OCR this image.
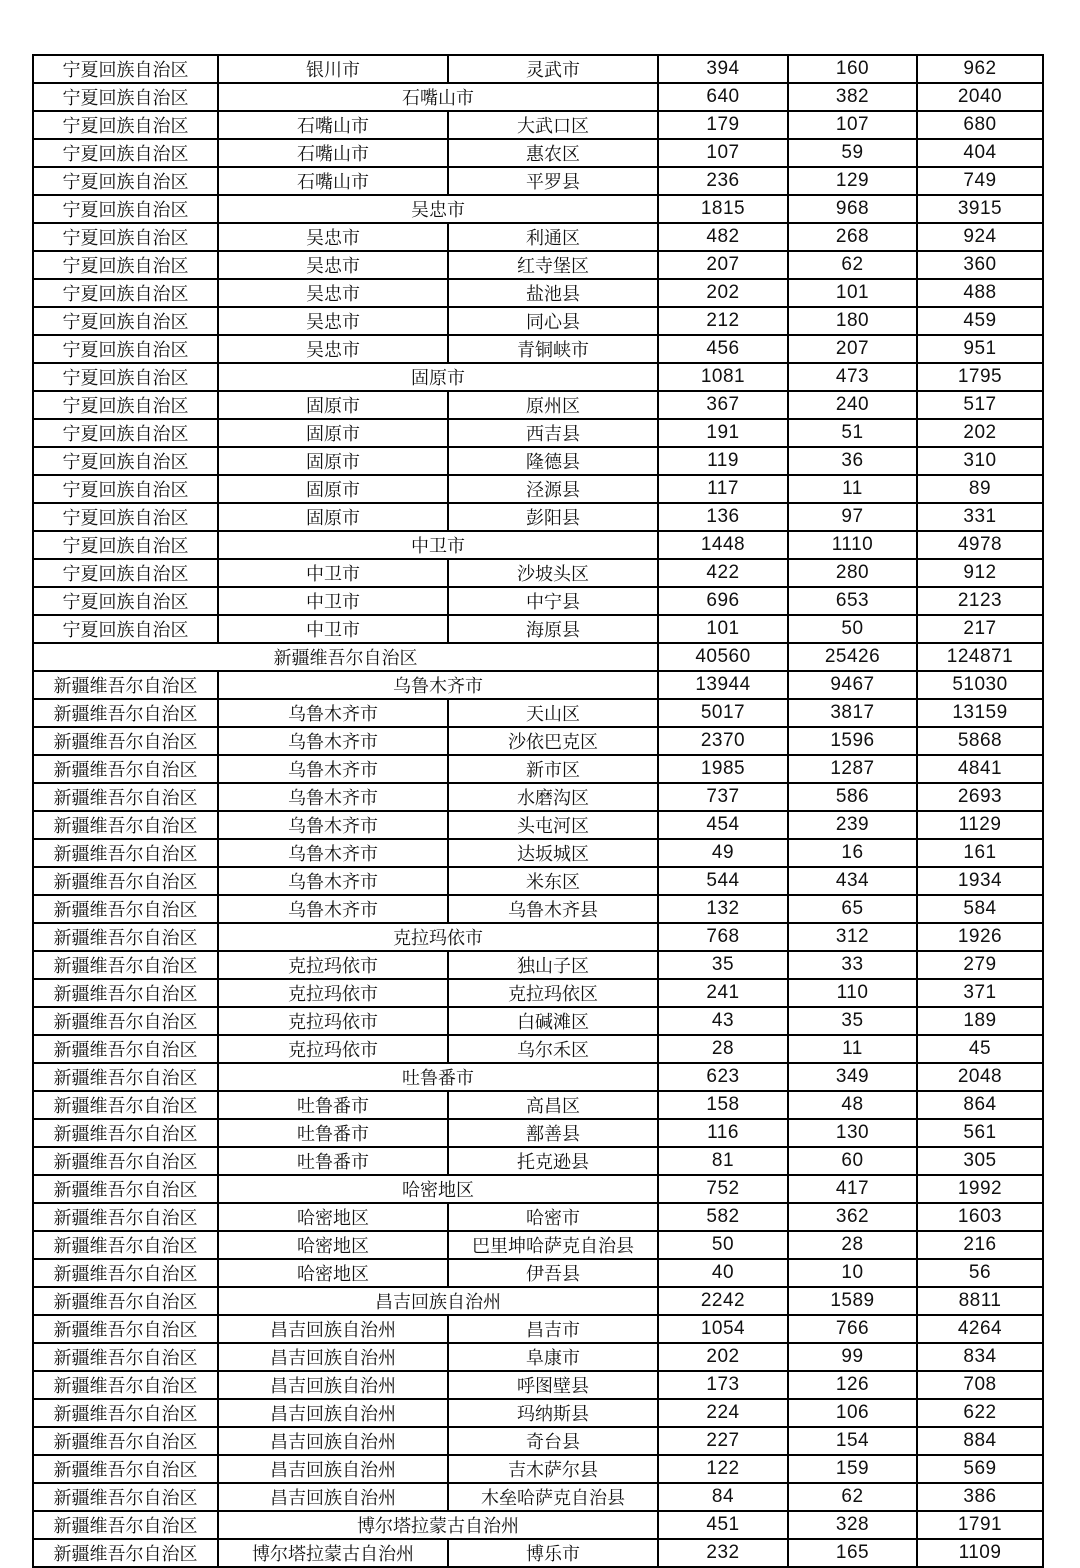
宁夏回族自治区	银川市	灵武市	394	160	962
宁夏回族自治区	石嘴山市		640	382	2040
宁夏回族自治区	石嘴山市	大武口区	179	107	680
宁夏回族自治区	石嘴山市	惠农区	107	59	404
宁夏回族自治区	石嘴山市	平罗县	236	129	749
宁夏回族自治区	吴忠市		1815	968	3915
宁夏回族自治区	吴忠市	利通区	482	268	924
宁夏回族自治区	吴忠市	红寺堡区	207	62	360
宁夏回族自治区	吴忠市	盐池县	202	101	488
宁夏回族自治区	吴忠市	同心县	212	180	459
宁夏回族自治区	吴忠市	青铜峡市	456	207	951
宁夏回族自治区	固原市		1081	473	1795
宁夏回族自治区	固原市	原州区	367	240	517
宁夏回族自治区	固原市	西吉县	191	51	202
宁夏回族自治区	固原市	隆德县	119	36	310
宁夏回族自治区	固原市	泾源县	117	11	89
宁夏回族自治区	固原市	彭阳县	136	97	331
宁夏回族自治区	中卫市		1448	1110	4978
宁夏回族自治区	中卫市	沙坡头区	422	280	912
宁夏回族自治区	中卫市	中宁县	696	653	2123
宁夏回族自治区	中卫市	海原县	101	50	217
新疆维吾尔自治区			40560	25426	124871
新疆维吾尔自治区	乌鲁木齐市		13944	9467	51030
新疆维吾尔自治区	乌鲁木齐市	天山区	5017	3817	13159
新疆维吾尔自治区	乌鲁木齐市	沙依巴克区	2370	1596	5868
新疆维吾尔自治区	乌鲁木齐市	新市区	1985	1287	4841
新疆维吾尔自治区	乌鲁木齐市	水磨沟区	737	586	2693
新疆维吾尔自治区	乌鲁木齐市	头屯河区	454	239	1129
新疆维吾尔自治区	乌鲁木齐市	达坂城区	49	16	161
新疆维吾尔自治区	乌鲁木齐市	米东区	544	434	1934
新疆维吾尔自治区	乌鲁木齐市	乌鲁木齐县	132	65	584
新疆维吾尔自治区	克拉玛依市		768	312	1926
新疆维吾尔自治区	克拉玛依市	独山子区	35	33	279
新疆维吾尔自治区	克拉玛依市	克拉玛依区	241	110	371
新疆维吾尔自治区	克拉玛依市	白碱滩区	43	35	189
新疆维吾尔自治区	克拉玛依市	乌尔禾区	28	11	45
新疆维吾尔自治区	吐鲁番市		623	349	2048
新疆维吾尔自治区	吐鲁番市	高昌区	158	48	864
新疆维吾尔自治区	吐鲁番市	鄯善县	116	130	561
新疆维吾尔自治区	吐鲁番市	托克逊县	81	60	305
新疆维吾尔自治区	哈密地区		752	417	1992
新疆维吾尔自治区	哈密地区	哈密市	582	362	1603
新疆维吾尔自治区	哈密地区	巴里坤哈萨克自治县	50	28	216
新疆维吾尔自治区	哈密地区	伊吾县	40	10	56
新疆维吾尔自治区	昌吉回族自治州		2242	1589	8811
新疆维吾尔自治区	昌吉回族自治州	昌吉市	1054	766	4264
新疆维吾尔自治区	昌吉回族自治州	阜康市	202	99	834
新疆维吾尔自治区	昌吉回族自治州	呼图壁县	173	126	708
新疆维吾尔自治区	昌吉回族自治州	玛纳斯县	224	106	622
新疆维吾尔自治区	昌吉回族自治州	奇台县	227	154	884
新疆维吾尔自治区	昌吉回族自治州	吉木萨尔县	122	159	569
新疆维吾尔自治区	昌吉回族自治州	木垒哈萨克自治县	84	62	386
新疆维吾尔自治区	博尔塔拉蒙古自治州		451	328	1791
新疆维吾尔自治区	博尔塔拉蒙古自治州	博乐市	232	165	1109
